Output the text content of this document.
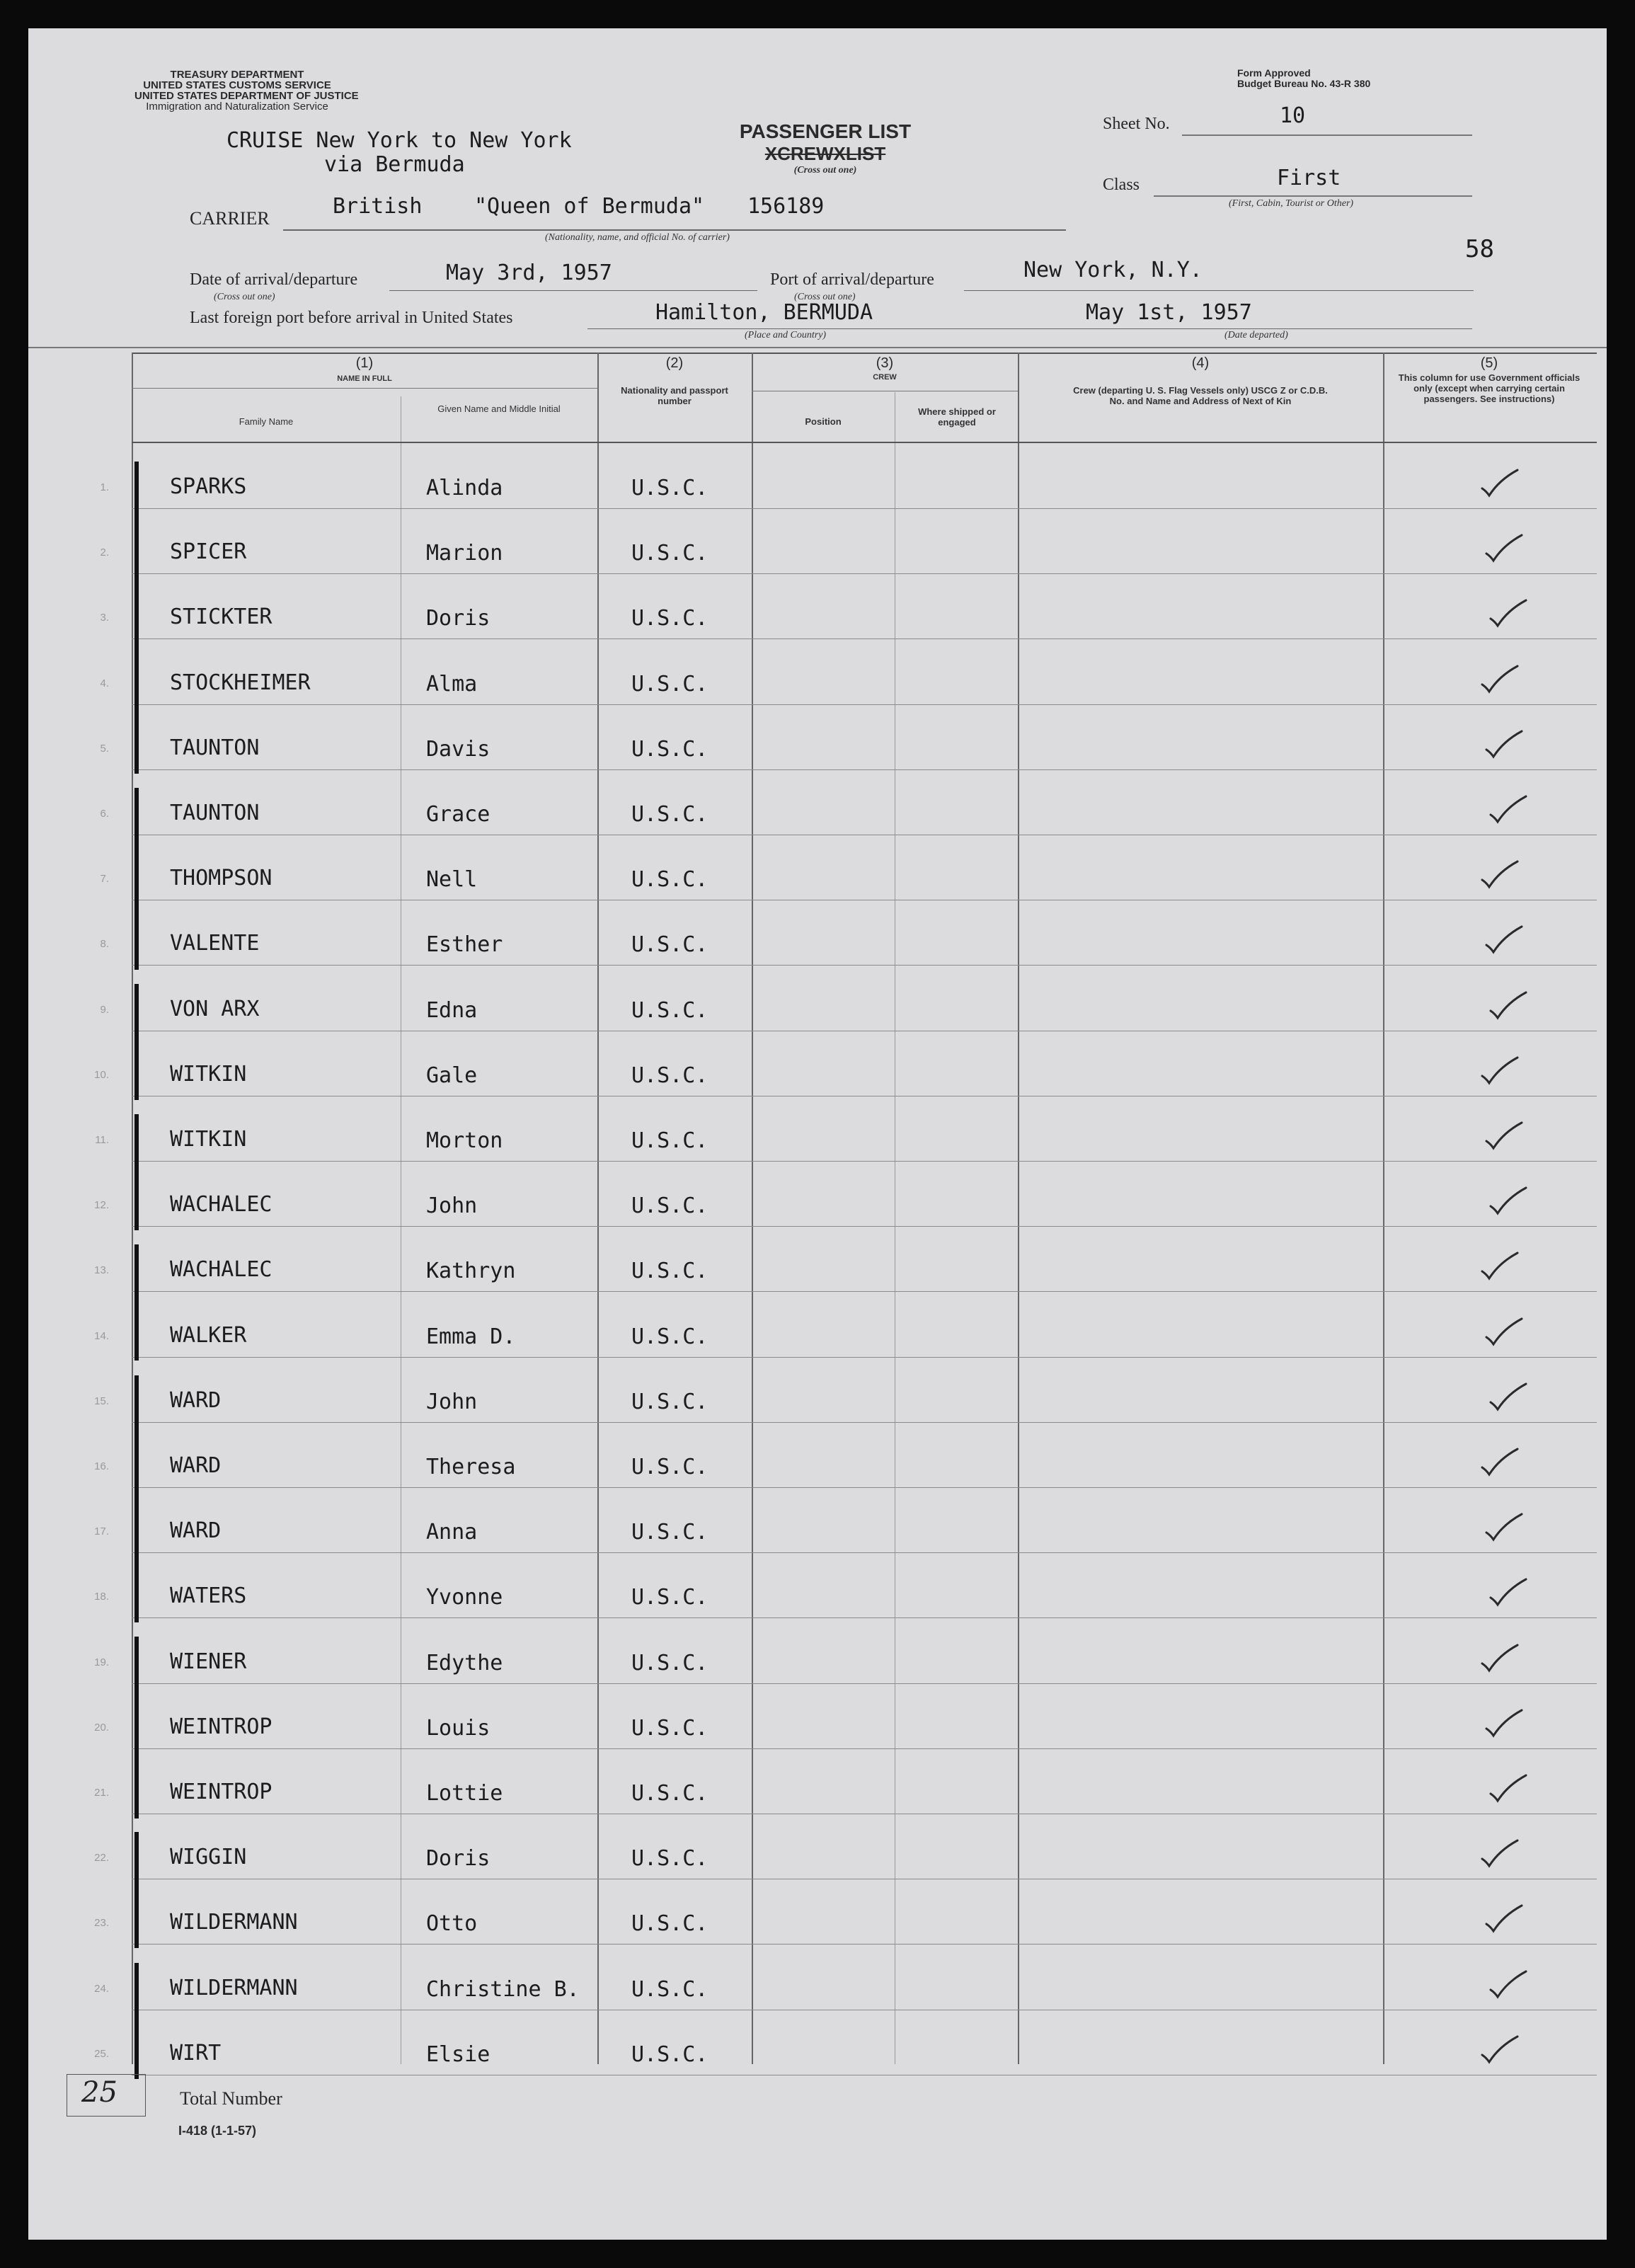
TREASURY DEPARTMENT
UNITED STATES CUSTOMS SERVICE
UNITED STATES DEPARTMENT OF JUSTICE
Immigration and Naturalization Service
Form Approved
Budget Bureau No. 43-R 380
CRUISE New York to New York
via Bermuda
PASSENGER LIST
XCREWXLIST
(Cross out one)
Sheet No.	10
Class	First
(First, Cabin, Tourist or Other)
58
CARRIER	British "Queen of Bermuda" 156189
(Nationality, name, and official No. of carrier)
Date of arrival/departure
(Cross out one)
May 3rd, 1957	Port of arrival/departure
(Cross out one)
New York, N.Y.
Last foreign port before arrival in United States	Hamilton, BERMUDA
(Place and Country)
May 1st, 1957
(Date departed)
(1)
NAME IN FULL
Family Name
Given Name and Middle Initial
(2)
Nationality and passport number
(3)
CREW
Position
Where shipped or engaged
(4)
Crew (departing U. S. Flag Vessels only) USCG Z or C.D.B. No. and Name and Address of Next of Kin
(5)
This column for use Government officials only (except when carrying certain passengers. See instructions)
1.	SPARKS	Alinda	U.S.C.
2.	SPICER	Marion	U.S.C.
3.	STICKTER	Doris	U.S.C.
4.	STOCKHEIMER	Alma	U.S.C.
5.	TAUNTON	Davis	U.S.C.
6.	TAUNTON	Grace	U.S.C.
7.	THOMPSON	Nell	U.S.C.
8.	VALENTE	Esther	U.S.C.
9.	VON ARX	Edna	U.S.C.
10.	WITKIN	Gale	U.S.C.
11.	WITKIN	Morton	U.S.C.
12.	WACHALEC	John	U.S.C.
13.	WACHALEC	Kathryn	U.S.C.
14.	WALKER	Emma D.	U.S.C.
15.	WARD	John	U.S.C.
16.	WARD	Theresa	U.S.C.
17.	WARD	Anna	U.S.C.
18.	WATERS	Yvonne	U.S.C.
19.	WIENER	Edythe	U.S.C.
20.	WEINTROP	Louis	U.S.C.
21.	WEINTROP	Lottie	U.S.C.
22.	WIGGIN	Doris	U.S.C.
23.	WILDERMANN	Otto	U.S.C.
24.	WILDERMANN	Christine B. U.S.C.
25.	WIRT	Elsie	U.S.C.
25	Total Number
I-418 (1-1-57)
